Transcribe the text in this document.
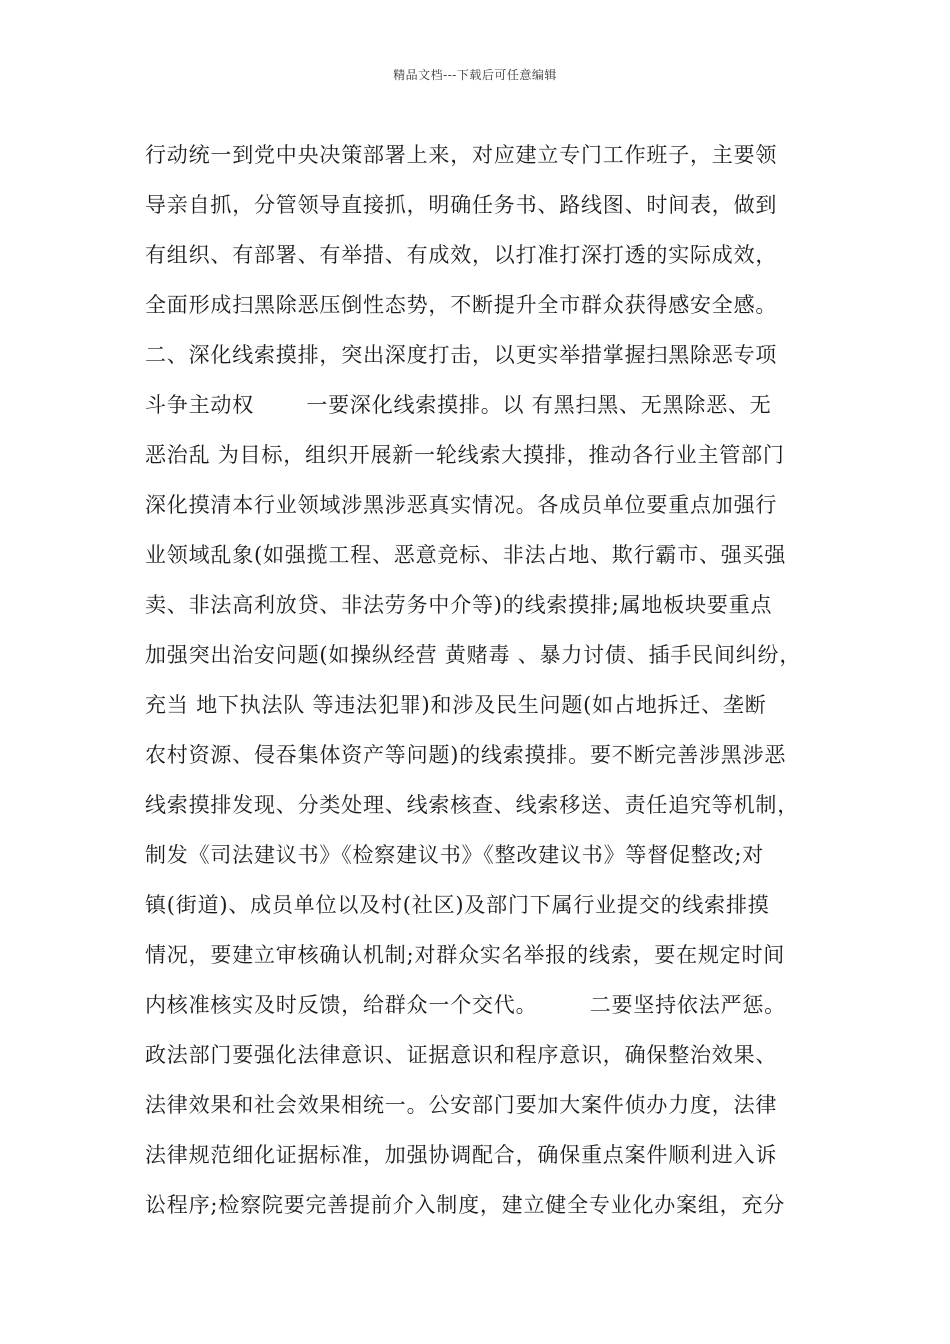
精品文档---下载后可任意编辑
行动统一到党中央决策部署上来，对应建立专门工作班子，主要领
导亲自抓，分管领导直接抓，明确任务书、路线图、时间表，做到
有组织、有部署、有举措、有成效，以打准打深打透的实际成效，
全面形成扫黑除恶压倒性态势，不断提升全市群众获得感安全感。
二、深化线索摸排，突出深度打击，以更实举措掌握扫黑除恶专项
斗争主动权       一要深化线索摸排。以 有黑扫黑、无黑除恶、无
恶治乱 为目标，组织开展新一轮线索大摸排，推动各行业主管部门
深化摸清本行业领域涉黑涉恶真实情况。各成员单位要重点加强行
业领域乱象(如强揽工程、恶意竞标、非法占地、欺行霸市、强买强
卖、非法高利放贷、非法劳务中介等)的线索摸排;属地板块要重点
加强突出治安问题(如操纵经营 黄赌毒 、暴力讨债、插手民间纠纷，
充当 地下执法队 等违法犯罪)和涉及民生问题(如占地拆迁、垄断
农村资源、侵吞集体资产等问题)的线索摸排。要不断完善涉黑涉恶
线索摸排发现、分类处理、线索核查、线索移送、责任追究等机制，
制发《司法建议书》《检察建议书》《整改建议书》等督促整改;对
镇(街道)、成员单位以及村(社区)及部门下属行业提交的线索排摸
情况，要建立审核确认机制;对群众实名举报的线索，要在规定时间
内核准核实及时反馈，给群众一个交代。       二要坚持依法严惩。
政法部门要强化法律意识、证据意识和程序意识，确保整治效果、
法律效果和社会效果相统一。公安部门要加大案件侦办力度，法律
法律规范细化证据标准，加强协调配合，确保重点案件顺利进入诉
讼程序;检察院要完善提前介入制度，建立健全专业化办案组，充分
